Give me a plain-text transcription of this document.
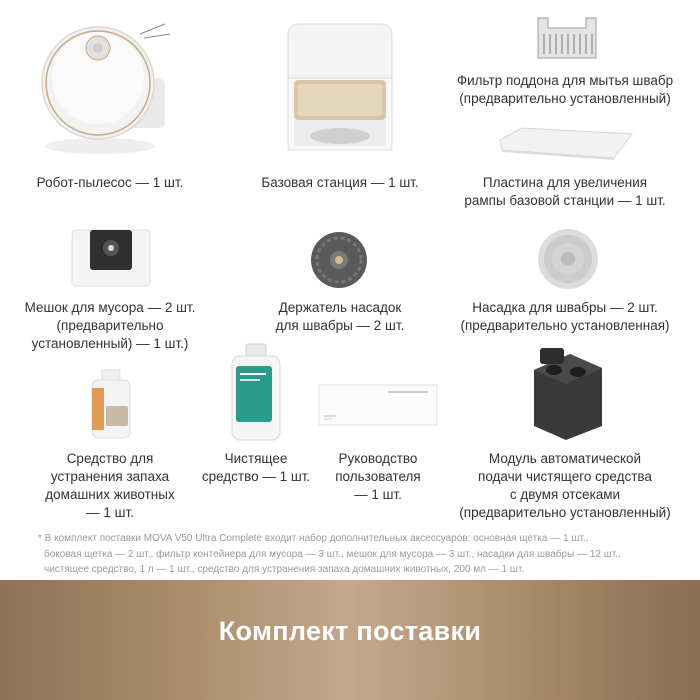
Робот-пылесос — 1 шт.	Базовая станция — 1 шт.
Фильтр поддона для мытья швабр
(предварительно установленный)
Пластина для увеличения
рампы базовой станции — 1 шт.
Мешок для мусора — 2 шт.
(предварительно
установленный) — 1 шт.)
Держатель насадок
для швабры — 2 шт.
Насадка для швабры — 2 шт.
(предварительно установленная)
Средство для
устранения запаха
домашних животных
— 1 шт.
Чистящее
средство — 1 шт.
Руководство
пользователя
— 1 шт.
Модуль автоматической
подачи чистящего средства
с двумя отсеками
(предварительно установленный)
* В комплект поставки MOVA V50 Ultra Complete входит набор дополнительных аксессуаров: основная щетка — 1 шт.,
боковая щетка — 2 шт., фильтр контейнера для мусора — 3 шт., мешок для мусора — 3 шт., насадки для швабры — 12 шт.,
чистящее средство, 1 л — 1 шт., средство для устранения запаха домашних животных, 200 мл — 1 шт.
Комплект поставки
